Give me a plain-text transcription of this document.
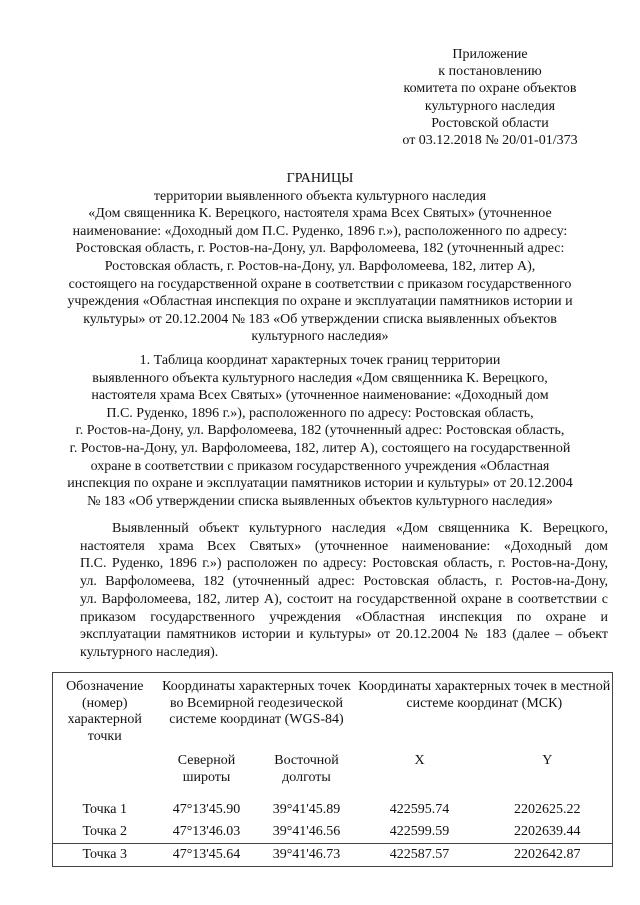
Приложение
к постановлению
комитета по охране объектов
культурного наследия
Ростовской области
от 03.12.2018 № 20/01-01/373
ГРАНИЦЫ
территории выявленного объекта культурного наследия
«Дом священника К. Верецкого, настоятеля храма Всех Святых» (уточненное
наименование: «Доходный дом П.С. Руденко, 1896 г.»), расположенного по адресу:
Ростовская область, г. Ростов-на-Дону, ул. Варфоломеева, 182 (уточненный адрес:
Ростовская область, г. Ростов-на-Дону, ул. Варфоломеева, 182, литер А),
состоящего на государственной охране в соответствии с приказом государственного
учреждения «Областная инспекция по охране и эксплуатации памятников истории и
культуры» от 20.12.2004 № 183 «Об утверждении списка выявленных объектов
культурного наследия»
1. Таблица координат характерных точек границ территории
выявленного объекта культурного наследия «Дом священника К. Верецкого,
настоятеля храма Всех Святых» (уточненное наименование: «Доходный дом
П.С. Руденко, 1896 г.»), расположенного по адресу: Ростовская область,
г. Ростов-на-Дону, ул. Варфоломеева, 182 (уточненный адрес: Ростовская область,
г. Ростов-на-Дону, ул. Варфоломеева, 182, литер А), состоящего на государственной
охране в соответствии с приказом государственного учреждения «Областная
инспекция по охране и эксплуатации памятников истории и культуры» от 20.12.2004
№ 183 «Об утверждении списка выявленных объектов культурного наследия»
Выявленный объект культурного наследия «Дом священника К. Верецкого,
настоятеля храма Всех Святых» (уточненное наименование: «Доходный дом
П.С. Руденко, 1896 г.») расположен по адресу: Ростовская область, г. Ростов-на-Дону,
ул. Варфоломеева, 182 (уточненный адрес: Ростовская область, г. Ростов-на-Дону,
ул. Варфоломеева, 182, литер А), состоит на государственной охране в соответствии с
приказом государственного учреждения «Областная инспекция по охране и
эксплуатации памятников истории и культуры» от 20.12.2004 № 183 (далее – объект
культурного наследия).
Обозначение (номер) характерной точки	Координаты характерных точек во Всемирной геодезической системе координат (WGS-84)		Координаты характерных точек в местной системе координат (МСК)	
	Северной широты	Восточной долготы	X	Y
Точка 1	47°13'45.90	39°41'45.89	422595.74	2202625.22
Точка 2	47°13'46.03	39°41'46.56	422599.59	2202639.44
Точка 3	47°13'45.64	39°41'46.73	422587.57	2202642.87
